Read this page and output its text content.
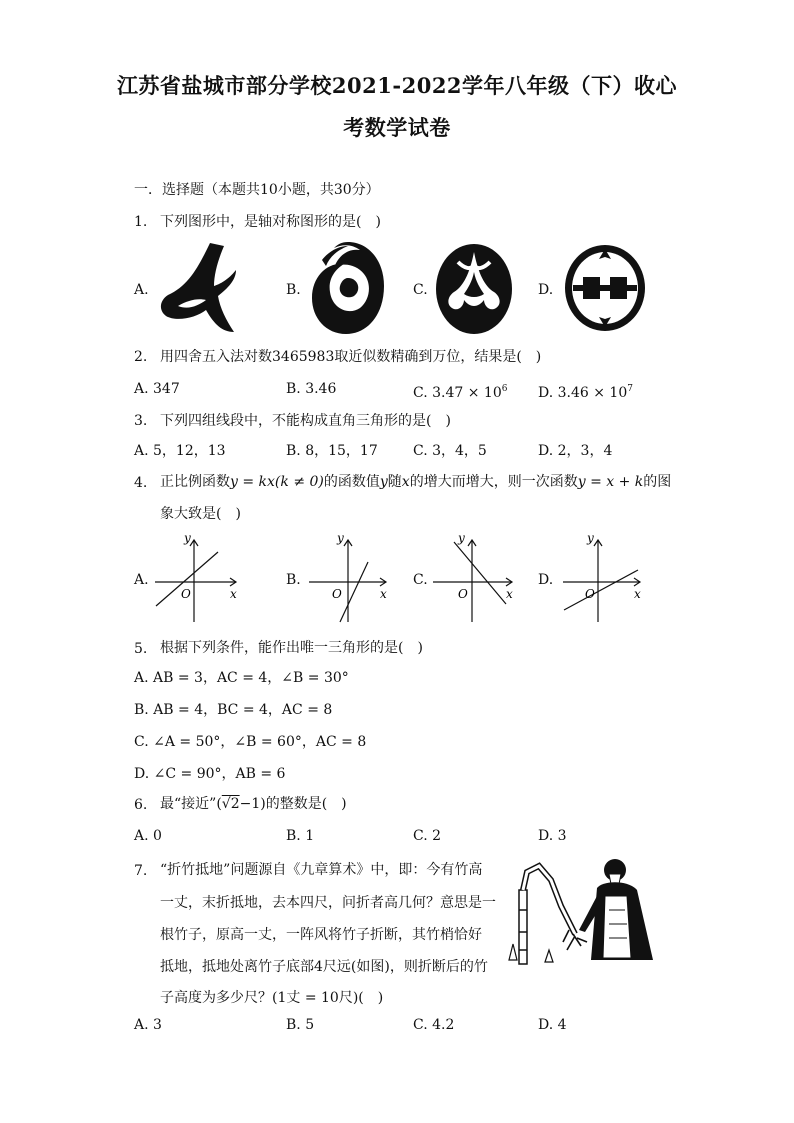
江苏省盐城市部分学校2021-2022学年八年级（下）收心
考数学试卷
一．选择题（本题共10小题，共30分）
1. 下列图形中，是轴对称图形的是( )
A.	B.	C.	D.
2. 用四舍五入法对数3465983取近似数精确到万位，结果是( )
A. 347	B. 3.46	C. $3.47 \times 10^6$ D. $3.46 \times 10^7$
3. 下列四组线段中，不能构成直角三角形的是( )
A. 5，12，13	B. 8，15，17	C. 3，4，5	D. 2，3，4
4. 正比例函数y = kx(k ≠ 0)的函数值y随x的增大而增大，则一次函数y = x + k的图
象大致是( )
A.
y
x
O
B.
y
x
O
C.
y
x
O
D.
y
x
O
5. 根据下列条件，能作出唯一三角形的是( )
A. AB = 3，AC = 4，∠B = 30°
B. AB = 4，BC = 4，AC = 8
C. ∠A = 50°，∠B = 60°，AC = 8
D. ∠C = 90°，AB = 6
6. 最“接近”(√2−1)的整数是( )
A. 0	B. 1	C. 2	D. 3
7. “折竹抵地”问题源自《九章算术》中，即：今有竹高
一丈，末折抵地，去本四尺，问折者高几何？意思是一
根竹子，原高一丈，一阵风将竹子折断，其竹梢恰好
抵地，抵地处离竹子底部4尺远(如图)，则折断后的竹
子高度为多少尺？(1丈 = 10尺)( )
A. 3	B. 5	C. 4.2	D. 4
